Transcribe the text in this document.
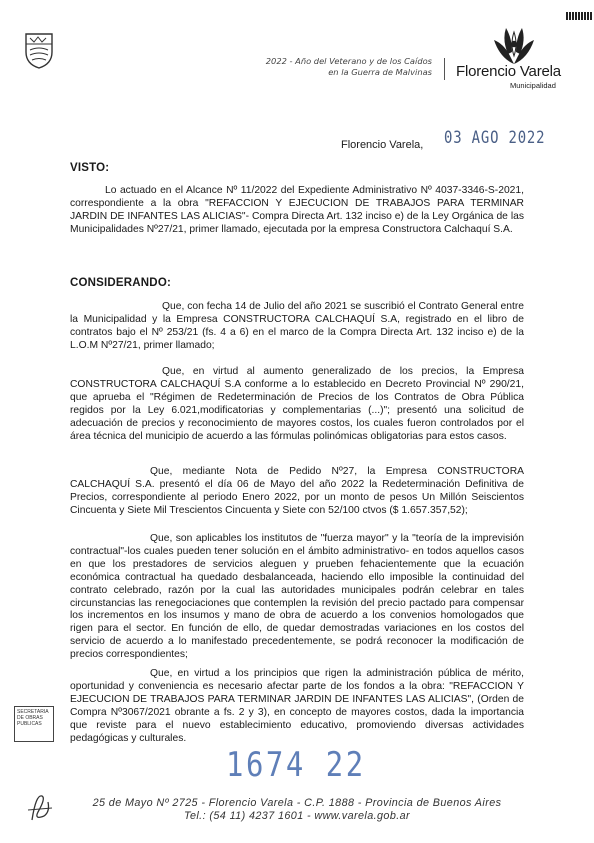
2022 - Año del Veterano y de los Caídos
en la Guerra de Malvinas Florencio Varela
Municipalidad
Florencio Varela, 03 AGO 2022
VISTO:

Lo actuado en el Alcance Nº 11/2022 del Expediente Administrativo Nº 4037-3346-S-2021, correspondiente a la obra "REFACCION Y EJECUCION DE TRABAJOS PARA TERMINAR JARDIN DE INFANTES LAS ALICIAS"- Compra Directa Art. 132 inciso e) de la Ley Orgánica de las Municipalidades Nº27/21, primer llamado, ejecutada por la empresa Constructora Calchaquí S.A.

CONSIDERANDO:

Que, con fecha 14 de Julio del año 2021 se suscribió el Contrato General entre la Municipalidad y la Empresa CONSTRUCTORA CALCHAQUÍ S.A, registrado en el libro de contratos bajo el Nº 253/21 (fs. 4 a 6) en el marco de la Compra Directa Art. 132 inciso e) de la L.O.M Nº27/21, primer llamado;

Que, en virtud al aumento generalizado de los precios, la Empresa CONSTRUCTORA CALCHAQUÍ S.A conforme a lo establecido en Decreto Provincial Nº 290/21, que aprueba el "Régimen de Redeterminación de Precios de los Contratos de Obra Pública regidos por la Ley 6.021,modificatorias y complementarias (...)"; presentó una solicitud de adecuación de precios y reconocimiento de mayores costos, los cuales fueron controlados por el área técnica del municipio de acuerdo a las fórmulas polinómicas obligatorias para estos casos.

Que, mediante Nota de Pedido Nº27, la Empresa CONSTRUCTORA CALCHAQUÍ S.A. presentó el día 06 de Mayo del año 2022 la Redeterminación Definitiva de Precios, correspondiente al periodo Enero 2022, por un monto de pesos Un Millón Seiscientos Cincuenta y Siete Mil Trescientos Cincuenta y Siete con 52/100 ctvos ($ 1.657.357,52);

Que, son aplicables los institutos de "fuerza mayor" y la "teoría de la imprevisión contractual"-los cuales pueden tener solución en el ámbito administrativo- en todos aquellos casos en que los prestadores de servicios aleguen y prueben fehacientemente que la ecuación económica contractual ha quedado desbalanceada, haciendo ello imposible la continuidad del contrato celebrado, razón por la cual las autoridades municipales podrán celebrar en tales circunstancias las renegociaciones que contemplen la revisión del precio pactado para compensar los incrementos en los insumos y mano de obra de acuerdo a los convenios homologados que rigen para el sector. En función de ello, de quedar demostradas variaciones en los costos del servicio de acuerdo a lo manifestado precedentemente, se podrá reconocer la modificación de precios correspondientes;

Que, en virtud a los principios que rigen la administración pública de mérito, oportunidad y conveniencia es necesario afectar parte de los fondos a la obra: "REFACCION Y EJECUCION DE TRABAJOS PARA TERMINAR JARDIN DE INFANTES LAS ALICIAS", (Orden de Compra Nº3067/2021 obrante a fs. 2 y 3), en concepto de mayores costos, dada la importancia que reviste para el nuevo establecimiento educativo, promoviendo diversas actividades pedagógicas y culturales.

SECRETARÍA
DE OBRAS
PÚBLICAS
1674 22
25 de Mayo Nº 2725 - Florencio Varela - C.P. 1888 - Provincia de Buenos Aires
Tel.: (54 11) 4237 1601 - www.varela.gob.ar
